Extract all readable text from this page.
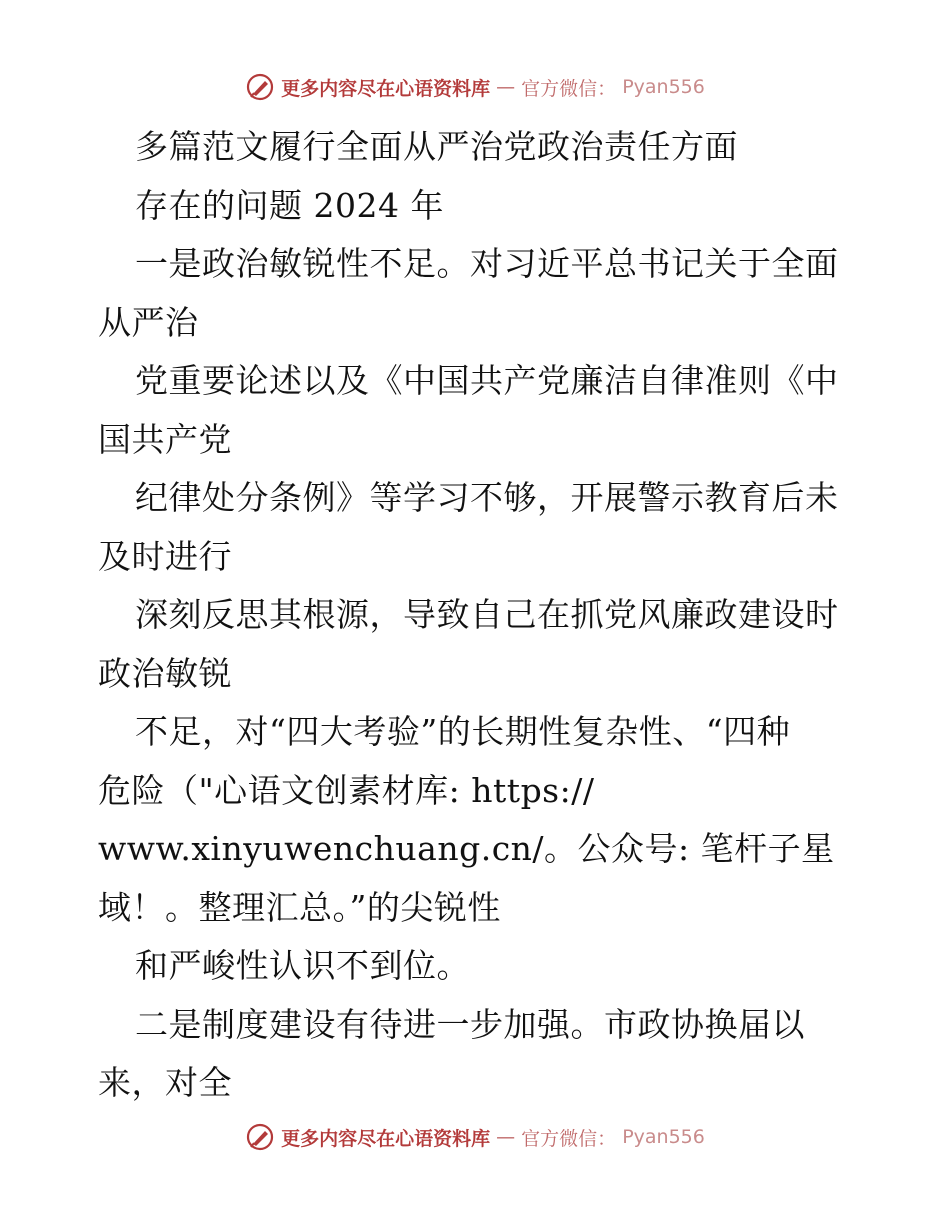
更多内容尽在心语资料库 — 官方微信： Pyan556
多篇范文履行全面从严治党政治责任方面
存在的问题 2024 年
一是政治敏锐性不足。对习近平总书记关于全面
从严治
党重要论述以及《中国共产党廉洁自律准则《中
国共产党
纪律处分条例》等学习不够，开展警示教育后未
及时进行
深刻反思其根源，导致自己在抓党风廉政建设时
政治敏锐
不足，对“四大考验”的长期性复杂性、“四种
危险（"心语文创素材库: https://
www.xinyuwenchuang.cn/。公众号: 笔杆子星
域！。整理汇总。”的尖锐性
和严峻性认识不到位。
二是制度建设有待进一步加强。市政协换届以
来，对全
更多内容尽在心语资料库 — 官方微信： Pyan556
